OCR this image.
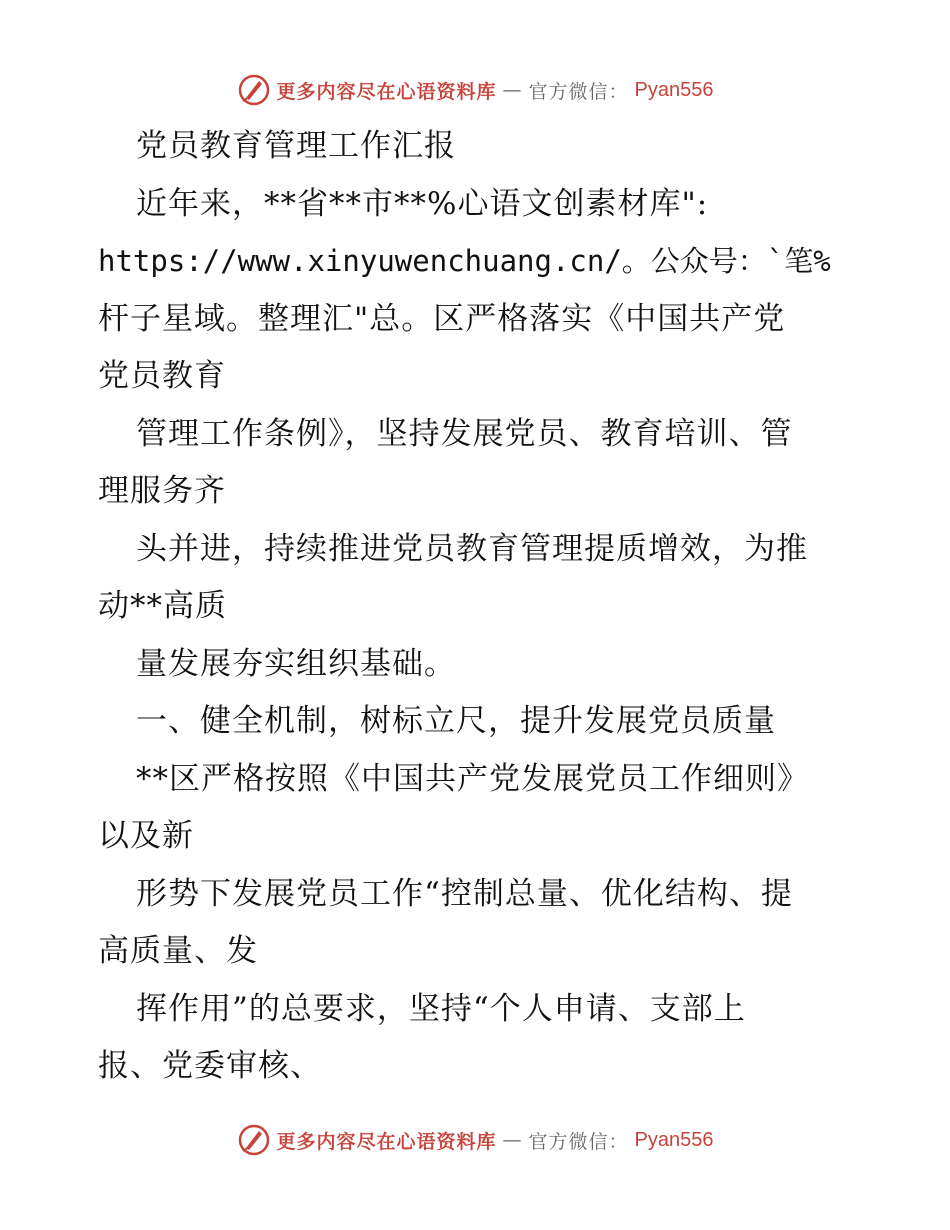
更多内容尽在心语资料库 — 官方微信： Pyan556
党员教育管理工作汇报
近年来，**省**市**%心语文创素材库":
https://www.xinyuwenchuang.cn/。公众号：`笔%
杆子星域。整理汇"总。区严格落实《中国共产党
党员教育
管理工作条例》，坚持发展党员、教育培训、管
理服务齐
头并进，持续推进党员教育管理提质增效，为推
动**高质
量发展夯实组织基础。
一、健全机制，树标立尺，提升发展党员质量
**区严格按照《中国共产党发展党员工作细则》
以及新
形势下发展党员工作“控制总量、优化结构、提
高质量、发
挥作用”的总要求，坚持“个人申请、支部上
报、党委审核、
更多内容尽在心语资料库 — 官方微信： Pyan556
